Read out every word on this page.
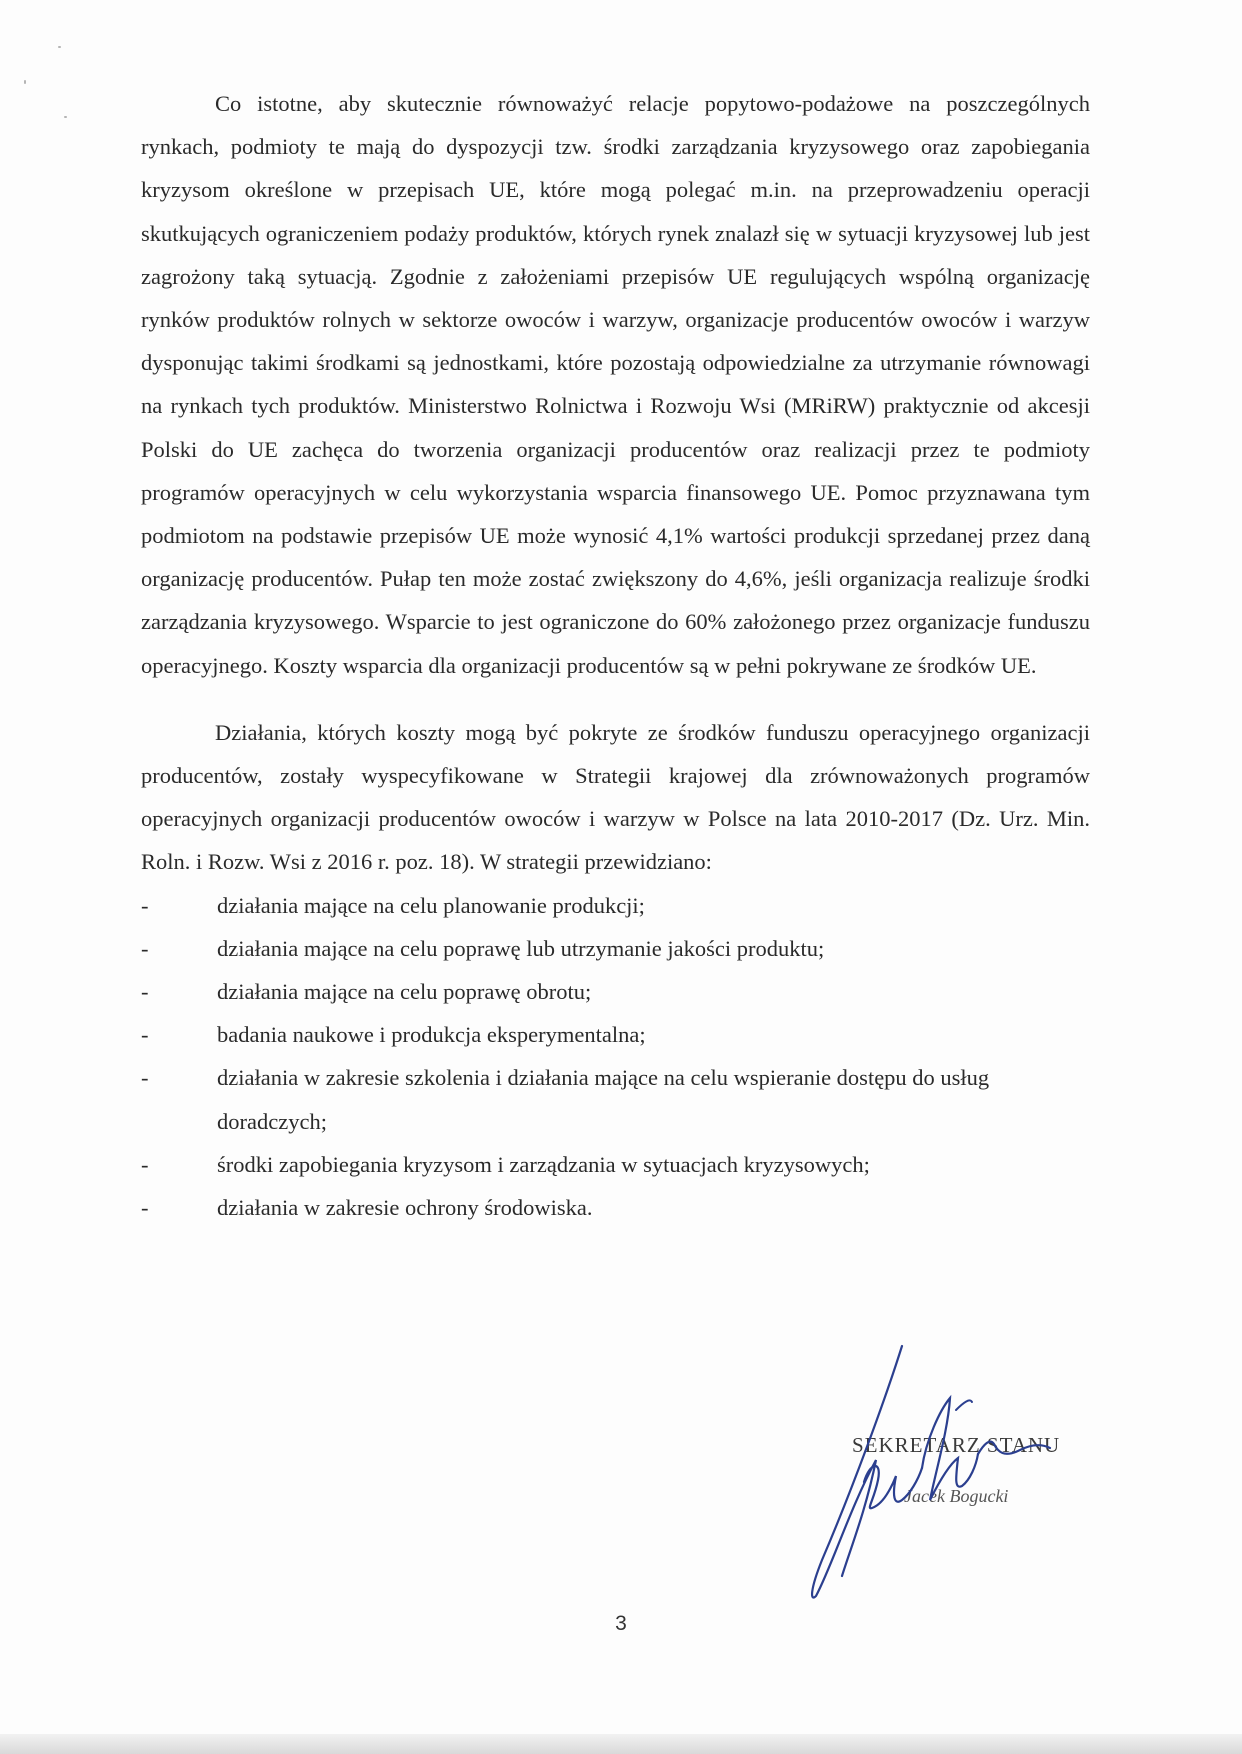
Co istotne, aby skutecznie równoważyć relacje popytowo-podażowe na poszczególnych rynkach, podmioty te mają do dyspozycji tzw. środki zarządzania kryzysowego oraz zapobiegania kryzysom określone w przepisach UE, które mogą polegać m.in. na przeprowadzeniu operacji skutkujących ograniczeniem podaży produktów, których rynek znalazł się w sytuacji kryzysowej lub jest zagrożony taką sytuacją. Zgodnie z założeniami przepisów UE regulujących wspólną organizację rynków produktów rolnych w sektorze owoców i warzyw, organizacje producentów owoców i warzyw dysponując takimi środkami są jednostkami, które pozostają odpowiedzialne za utrzymanie równowagi na rynkach tych produktów. Ministerstwo Rolnictwa i Rozwoju Wsi (MRiRW) praktycznie od akcesji Polski do UE zachęca do tworzenia organizacji producentów oraz realizacji przez te podmioty programów operacyjnych w celu wykorzystania wsparcia finansowego UE. Pomoc przyznawana tym podmiotom na podstawie przepisów UE może wynosić 4,1% wartości produkcji sprzedanej przez daną organizację producentów. Pułap ten może zostać zwiększony do 4,6%, jeśli organizacja realizuje środki zarządzania kryzysowego. Wsparcie to jest ograniczone do 60% założonego przez organizacje funduszu operacyjnego. Koszty wsparcia dla organizacji producentów są w pełni pokrywane ze środków UE.

Działania, których koszty mogą być pokryte ze środków funduszu operacyjnego organizacji producentów, zostały wyspecyfikowane w Strategii krajowej dla zrównoważonych programów operacyjnych organizacji producentów owoców i warzyw w Polsce na lata 2010-2017 (Dz. Urz. Min. Roln. i Rozw. Wsi z 2016 r. poz. 18). W strategii przewidziano:

-	działania mające na celu planowanie produkcji;
-	działania mające na celu poprawę lub utrzymanie jakości produktu;
-	działania mające na celu poprawę obrotu;
-	badania naukowe i produkcja eksperymentalna;
-	działania w zakresie szkolenia i działania mające na celu wspieranie dostępu do usług doradczych;
-	środki zapobiegania kryzysom i zarządzania w sytuacjach kryzysowych;
-	działania w zakresie ochrony środowiska.
SEKRETARZ STANU
Jacek Bogucki
3
